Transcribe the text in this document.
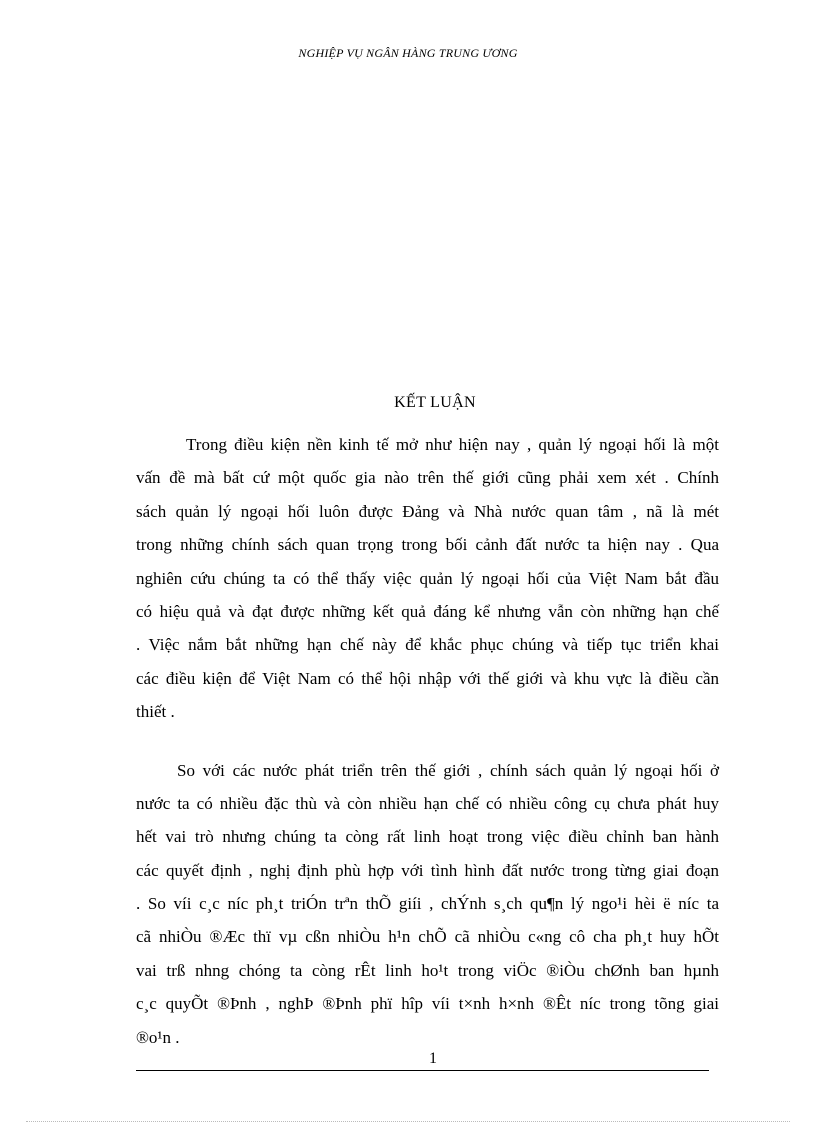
NGHIỆP VỤ NGÂN HÀNG TRUNG ƯƠNG
KẾT LUẬN
Trong điều kiện nền kinh tế mở như hiện nay , quản lý ngoại hối là một
vấn đề mà bất cứ một quốc gia nào trên thế giới cũng phải xem xét . Chính
sách quản lý ngoại hối luôn được Đảng và Nhà nước quan tâm , nã là mét
trong những chính sách quan trọng trong bối cảnh đất nước ta hiện nay . Qua
nghiên cứu chúng ta có thể thấy việc quản lý ngoại hối của Việt Nam bắt đầu
có hiệu quả và đạt được những kết quả đáng kể nhưng vẫn còn những hạn chế
. Việc nắm bắt những hạn chế này để khắc phục chúng và tiếp tục triển khai
các điều kiện để Việt Nam có thể hội nhập với thế giới và khu vực là điều cần
thiết .
So với các nước phát triển trên thế giới , chính sách quản lý ngoại hối ở
nước ta có nhiều đặc thù và còn nhiều hạn chế có nhiều công cụ chưa phát huy
hết vai trò nhưng chúng ta còng rất linh hoạt trong việc điều chỉnh ban hành
các quyết định , nghị định phù hợp với tình hình đất nước trong từng giai đoạn
. So víi c¸c níc ph¸t triÓn trªn thÕ giíi , chÝnh s¸ch qu¶n lý ngo¹i hèi ë níc ta
cã nhiÒu ®Æc thï vµ cßn nhiÒu h¹n chÕ cã nhiÒu c«ng cô cha ph¸t huy hÕt
vai trß nhng chóng ta còng rÊt linh ho¹t trong viÖc ®iÒu chØnh ban hµnh
c¸c quyÕt ®Þnh , nghÞ ®Þnh phï hîp víi t×nh h×nh ®Êt níc trong tõng giai
®o¹n .
1
